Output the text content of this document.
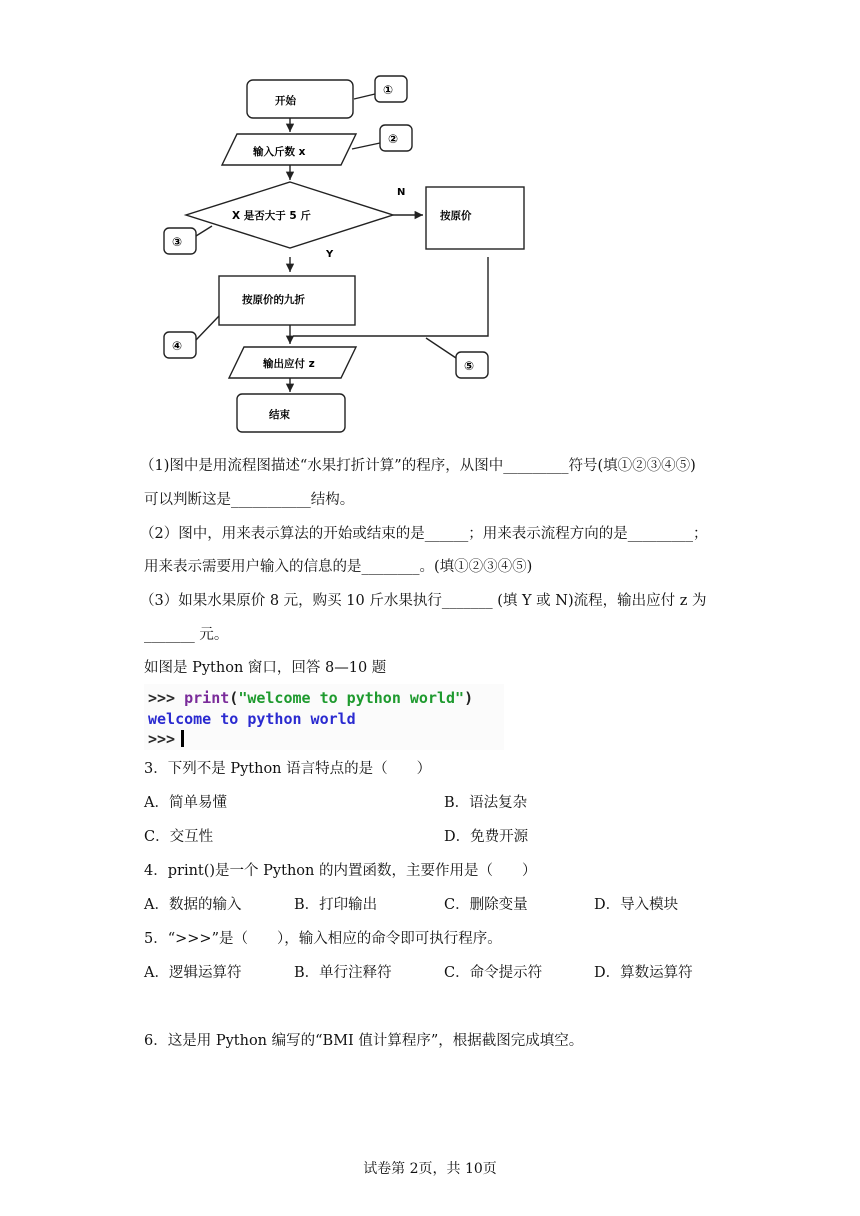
开始
输入斤数 x
X 是否大于 5 斤
N
Y
按原价
按原价的九折
输出应付 z
结束
①
②
③
④
⑤
（1)图中是用流程图描述“水果打折计算”的程序，从图中_________符号(填①②③④⑤)
可以判断这是___________结构。
（2）图中，用来表示算法的开始或结束的是______；用来表示流程方向的是_________；
用来表示需要用户输入的信息的是________。(填①②③④⑤)
（3）如果水果原价 8 元，购买 10 斤水果执行_______ (填 Y 或 N)流程，输出应付 z 为
_______ 元。
如图是 Python 窗口，回答 8—10 题
>>> print("welcome to python world")
welcome to python world
>>>
3．下列不是 Python 语言特点的是（　　）
A．简单易懂	B．语法复杂
C．交互性	D．免费开源
4．print()是一个 Python 的内置函数，主要作用是（　　）
A．数据的输入	B．打印输出	C．删除变量	D．导入模块
5．“>>>”是（　　），输入相应的命令即可执行程序。
A．逻辑运算符	B．单行注释符	C．命令提示符	D．算数运算符
6．这是用 Python 编写的“BMI 值计算程序”，根据截图完成填空。
试卷第 2页，共 10页
